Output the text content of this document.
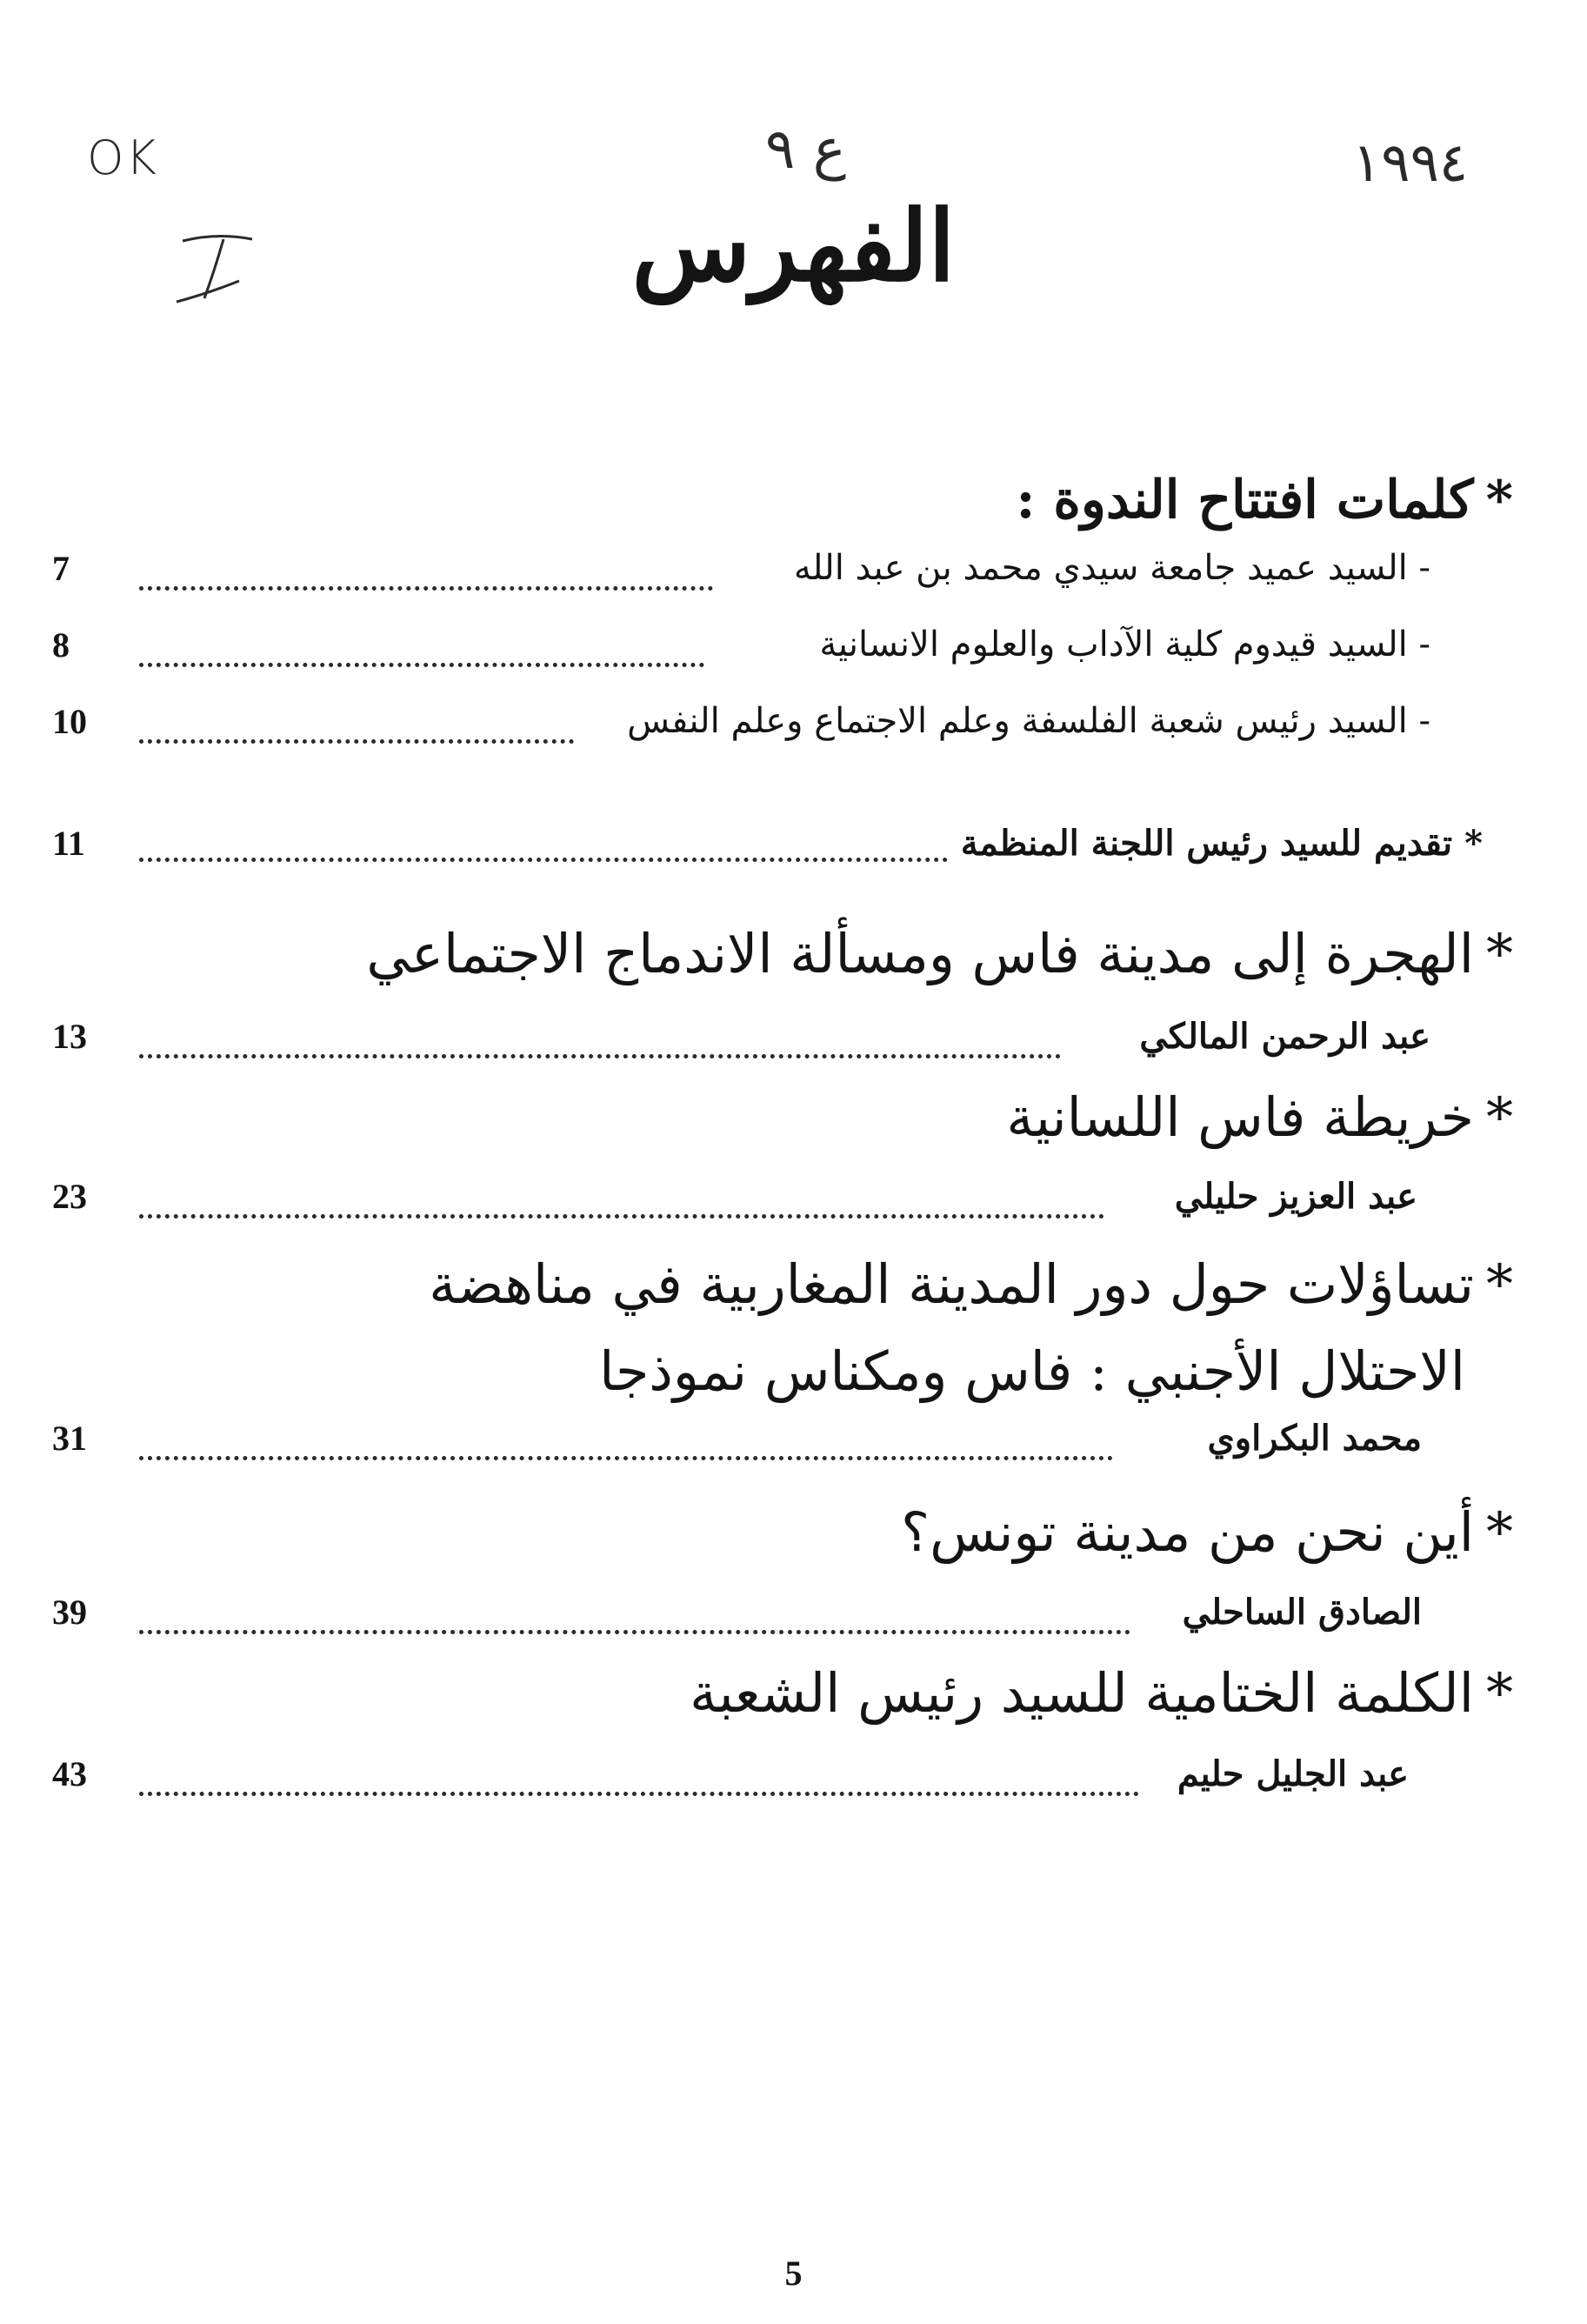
OK	ع ٩	١٩٩٤
الفهرس
*كلمات افتتاح الندوة :
7	- السيد عميد جامعة سيدي محمد بن عبد الله
8	- السيد قيدوم كلية الآداب والعلوم الانسانية
10	- السيد رئيس شعبة الفلسفة وعلم الاجتماع وعلم النفس
11	*تقديم للسيد رئيس اللجنة المنظمة
*الهجرة إلى مدينة فاس ومسألة الاندماج الاجتماعي
13	عبد الرحمن المالكي
*خريطة فاس اللسانية
23	عبد العزيز حليلي
*تساؤلات حول دور المدينة المغاربية في مناهضة
الاحتلال الأجنبي : فاس ومكناس نموذجا
31	محمد البكراوي
*أين نحن من مدينة تونس؟
39	الصادق الساحلي
*الكلمة الختامية للسيد رئيس الشعبة
43	عبد الجليل حليم
5
